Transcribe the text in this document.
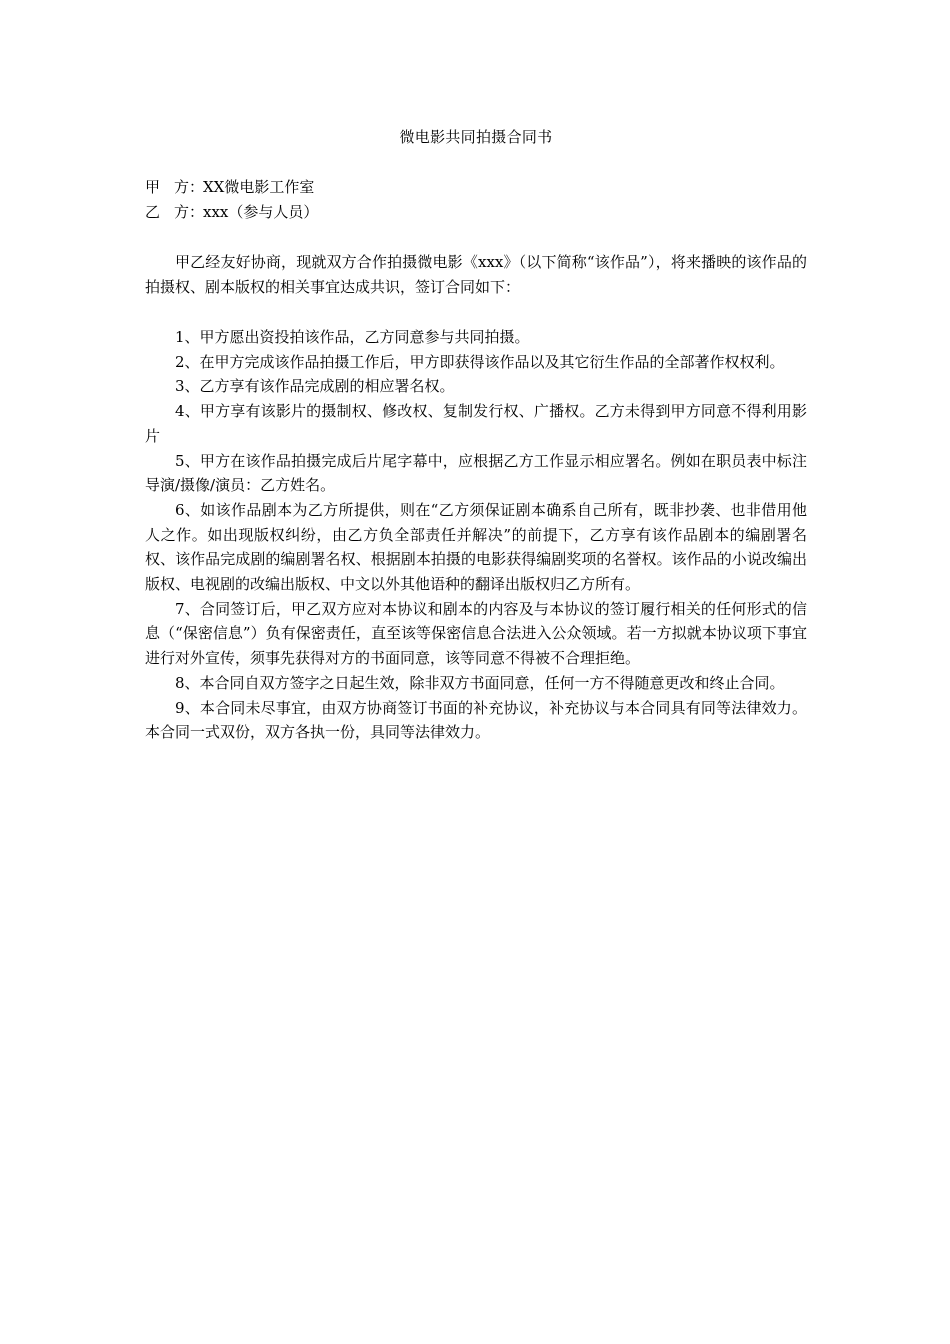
微电影共同拍摄合同书
甲 方：XX微电影工作室
乙 方：xxx（参与人员）

甲乙经友好协商，现就双方合作拍摄微电影《xxx》（以下简称“该作品”），将来播映的该作品的拍摄权、剧本版权的相关事宜达成共识，签订合同如下：

1、甲方愿出资投拍该作品，乙方同意参与共同拍摄。
2、在甲方完成该作品拍摄工作后，甲方即获得该作品以及其它衍生作品的全部著作权权利。
3、乙方享有该作品完成剧的相应署名权。
4、甲方享有该影片的摄制权、修改权、复制发行权、广播权。乙方未得到甲方同意不得利用影片
5、甲方在该作品拍摄完成后片尾字幕中，应根据乙方工作显示相应署名。例如在职员表中标注导演/摄像/演员：乙方姓名。
6、如该作品剧本为乙方所提供，则在“乙方须保证剧本确系自己所有，既非抄袭、也非借用他人之作。如出现版权纠纷，由乙方负全部责任并解决”的前提下，乙方享有该作品剧本的编剧署名权、该作品完成剧的编剧署名权、根据剧本拍摄的电影获得编剧奖项的名誉权。该作品的小说改编出版权、电视剧的改编出版权、中文以外其他语种的翻译出版权归乙方所有。
7、合同签订后，甲乙双方应对本协议和剧本的内容及与本协议的签订履行相关的任何形式的信息（“保密信息”）负有保密责任，直至该等保密信息合法进入公众领域。若一方拟就本协议项下事宜进行对外宣传，须事先获得对方的书面同意，该等同意不得被不合理拒绝。
8、本合同自双方签字之日起生效，除非双方书面同意，任何一方不得随意更改和终止合同。
9、本合同未尽事宜，由双方协商签订书面的补充协议，补充协议与本合同具有同等法律效力。本合同一式双份，双方各执一份，具同等法律效力。
